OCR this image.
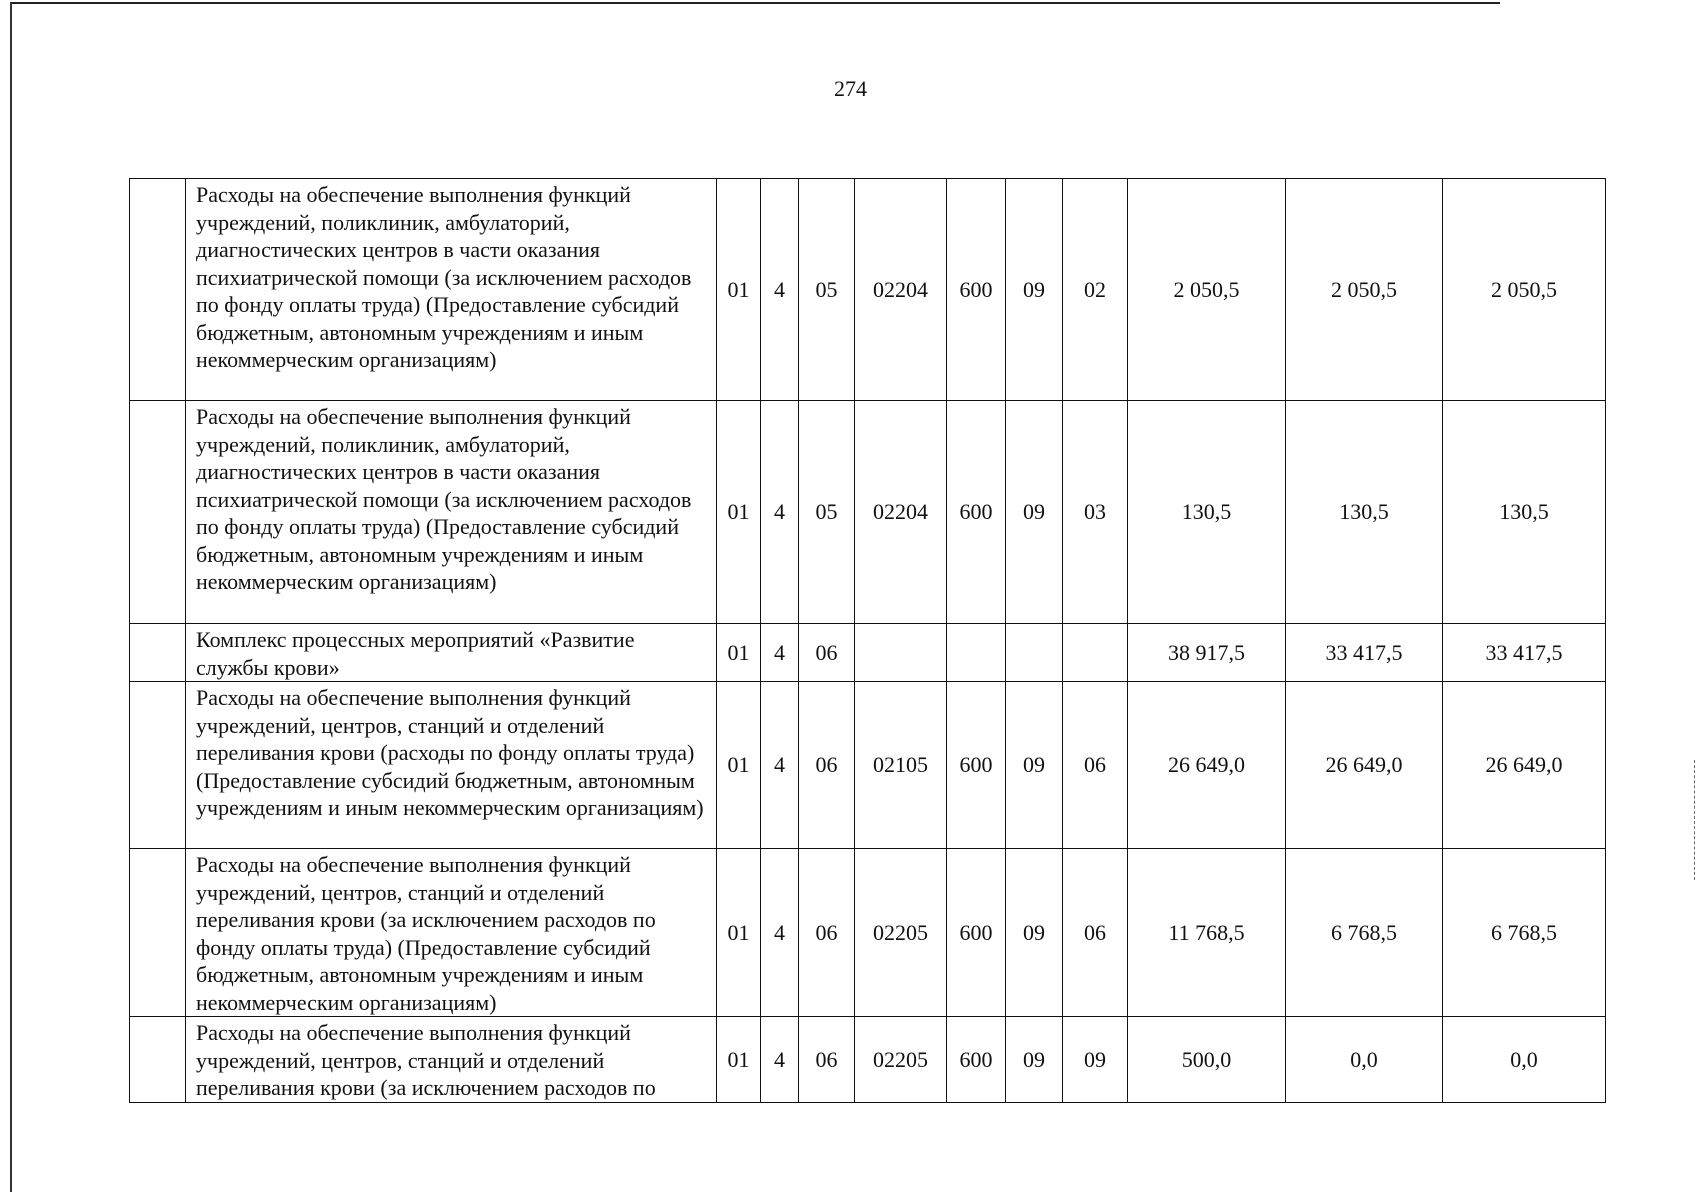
274
	Расходы на обеспечение выполнения функций учреждений, поликлиник, амбулаторий, диагностических центров в части оказания психиатрической помощи (за исключением расходов по фонду оплаты труда) (Предоставление субсидий бюджетным, автономным учреждениям и иным некоммерческим организациям)	01	4	05	02204	600	09	02	2 050,5	2 050,5	2 050,5
	Расходы на обеспечение выполнения функций учреждений, поликлиник, амбулаторий, диагностических центров в части оказания психиатрической помощи (за исключением расходов по фонду оплаты труда) (Предоставление субсидий бюджетным, автономным учреждениям и иным некоммерческим организациям)	01	4	05	02204	600	09	03	130,5	130,5	130,5
	Комплекс процессных мероприятий «Развитие службы крови»	01	4	06					38 917,5	33 417,5	33 417,5
	Расходы на обеспечение выполнения функций учреждений, центров, станций и отделений переливания крови (расходы по фонду оплаты труда) (Предоставление субсидий бюджетным, автономным учреждениям и иным некоммерческим организациям)	01	4	06	02105	600	09	06	26 649,0	26 649,0	26 649,0
	Расходы на обеспечение выполнения функций учреждений, центров, станций и отделений переливания крови (за исключением расходов по фонду оплаты труда) (Предоставление субсидий бюджетным, автономным учреждениям и иным некоммерческим организациям)	01	4	06	02205	600	09	06	11 768,5	6 768,5	6 768,5
	Расходы на обеспечение выполнения функций учреждений, центров, станций и отделений переливания крови (за исключением расходов по	01	4	06	02205	600	09	09	500,0	0,0	0,0
